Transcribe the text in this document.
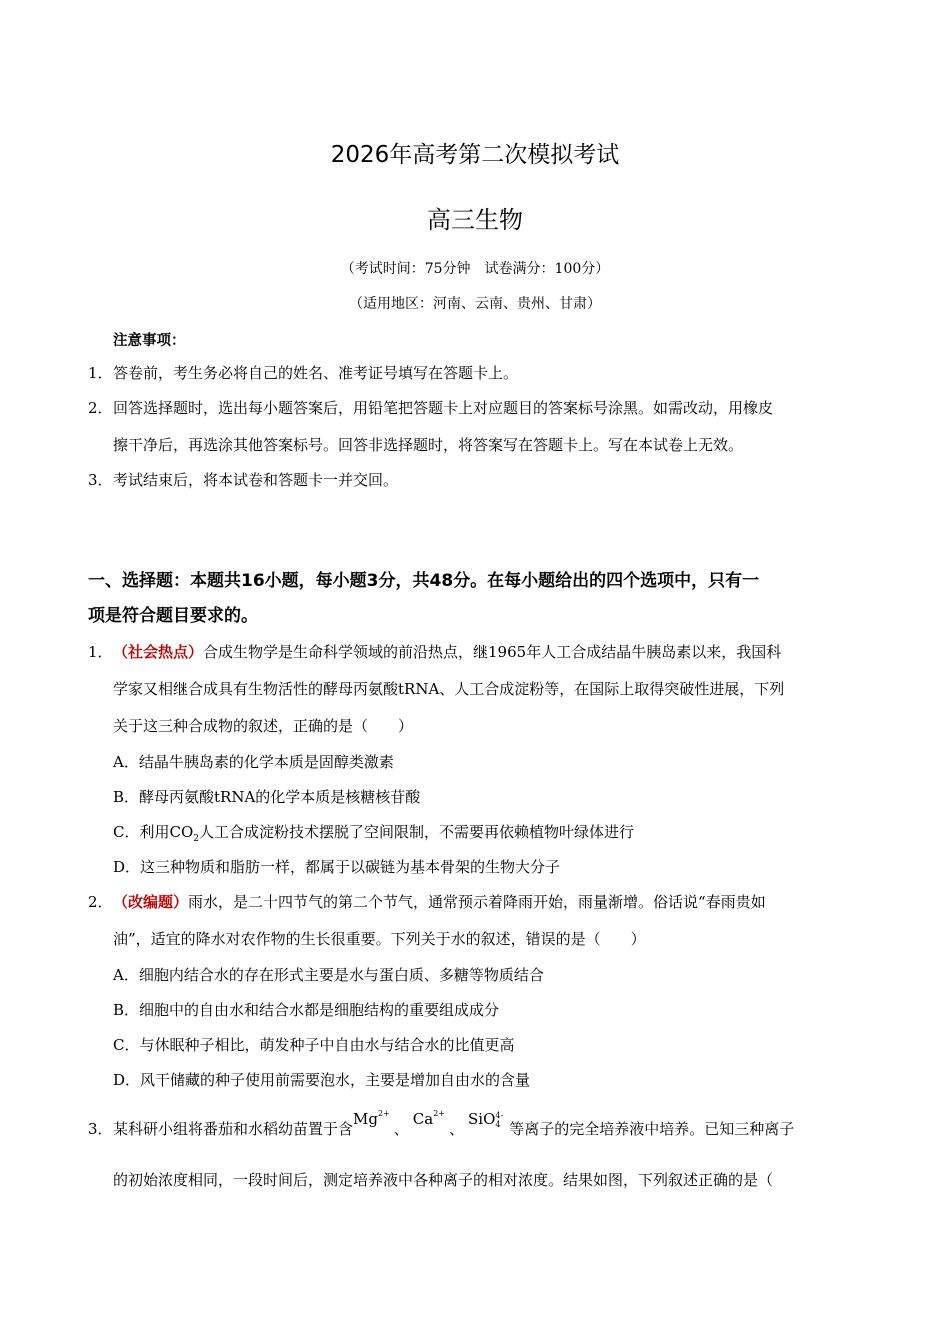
2026年高考第二次模拟考试
高三生物
（考试时间：75分钟　试卷满分：100分）
（适用地区：河南、云南、贵州、甘肃）
注意事项：
1． 答卷前，考生务必将自己的姓名、准考证号填写在答题卡上。
2． 回答选择题时，选出每小题答案后，用铅笔把答题卡上对应题目的答案标号涂黑。如需改动，用橡皮
擦干净后，再选涂其他答案标号。回答非选择题时，将答案写在答题卡上。写在本试卷上无效。
3． 考试结束后，将本试卷和答题卡一并交回。
一、选择题：本题共16小题，每小题3分，共48分。在每小题给出的四个选项中，只有一
项是符合题目要求的。
1． （社会热点）合成生物学是生命科学领域的前沿热点，继1965年人工合成结晶牛胰岛素以来，我国科
学家又相继合成具有生物活性的酵母丙氨酸tRNA、人工合成淀粉等，在国际上取得突破性进展，下列
关于这三种合成物的叙述，正确的是（　　）
A．结晶牛胰岛素的化学本质是固醇类激素
B．酵母丙氨酸tRNA的化学本质是核糖核苷酸
C．利用$CO_2$人工合成淀粉技术摆脱了空间限制，不需要再依赖植物叶绿体进行
D．这三种物质和脂肪一样，都属于以碳链为基本骨架的生物大分子
2． （改编题）雨水，是二十四节气的第二个节气，通常预示着降雨开始，雨量渐增。俗话说“春雨贵如
油”，适宜的降水对农作物的生长很重要。下列关于水的叙述，错误的是（　　）
A．细胞内结合水的存在形式主要是水与蛋白质、多糖等物质结合
B．细胞中的自由水和结合水都是细胞结构的重要组成成分
C．与休眠种子相比，萌发种子中自由水与结合水的比值更高
D．风干储藏的种子使用前需要泡水，主要是增加自由水的含量
3． 某科研小组将番茄和水稻幼苗置于含$Mg^{2+}$、$Ca^{2+}$、SiO 4-
4 等离子的完全培养液中培养。已知三种离子
的初始浓度相同，一段时间后，测定培养液中各种离子的相对浓度。结果如图，下列叙述正确的是（
